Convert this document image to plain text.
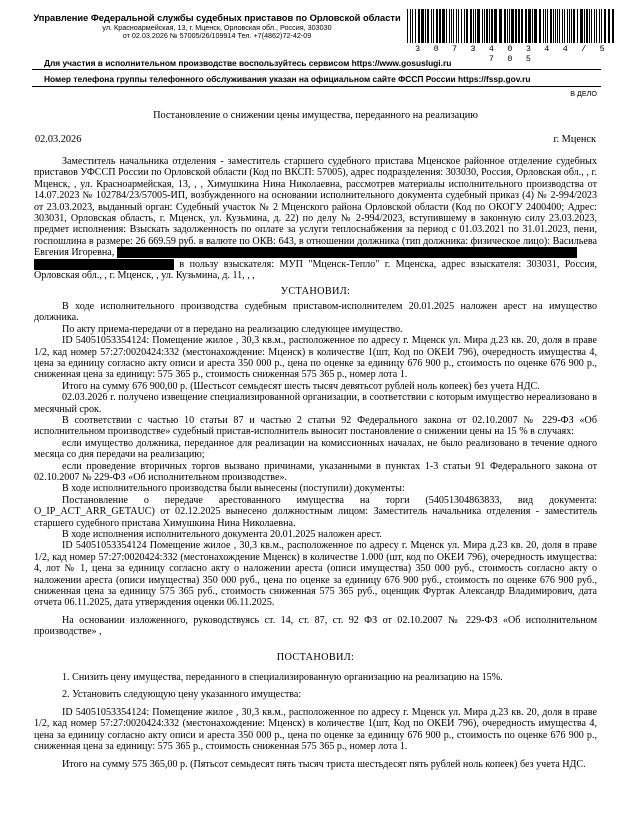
Управление Федеральной службы судебных приставов по Орловской области
ул. Красноармейская, 13, г. Мценск, Орловская обл., Россия, 303030
от 02.03.2026 № 57005/26/109914 Тел. +7(4862)72-42-09
3 0 7 3 4 0 3 4 4 / 5 7 0 5
Для участия в исполнительном производстве воспользуйтесь сервисом https://www.gosuslugi.ru
Номер телефона группы телефонного обслуживания указан на официальном сайте ФССП России https://fssp.gov.ru
В ДЕЛО
Постановление о снижении цены имущества, переданного на реализацию
02.03.2026	г. Мценск

Заместитель начальника отделения - заместитель старшего судебного пристава Мценское районное отделение судебных приставов УФССП России по Орловской области (Код по ВКСП: 57005), адрес подразделения: 303030, Россия, Орловская обл., , г. Мценск, , ул. Красноармейская, 13, , , Химушкина Нина Николаевна, рассмотрев материалы исполнительного производства от 14.07.2023 № 102784/23/57005-ИП, возбужденного на основании исполнительного документа судебный приказ (4) № 2-994/2023 от 23.03.2023, выданный орган: Судебный участок № 2 Мценского района Орловской области (Код по ОКОГУ 2400400; Адрес: 303031, Орловская область, г. Мценск, ул. Кузьмина, д. 22) по делу № 2-994/2023, вступившему в законную силу 23.03.2023, предмет исполнения: Взыскать задолженность по оплате за услуги теплоснабжения за период с 01.03.2021 по 31.01.2023, пени, госпошлина в размере: 26 669.59 руб. в валюте по ОКВ: 643, в отношении должника (тип должника: физическое лицо): Васильева Евгения Игоревна,
в пользу взыскателя: МУП "Мценск-Тепло" г. Мценска, адрес взыскателя: 303031, Россия, Орловская обл., , г. Мценск, , ул. Кузьмина, д. 11, , ,

УСТАНОВИЛ:

В ходе исполнительного производства судебным приставом-исполнителем 20.01.2025 наложен арест на имущество должника.

По акту приема-передачи от в передано на реализацию следующее имущество.

ID 54051053354124: Помещение жилое , 30,3 кв.м., расположенное по адресу г. Мценск ул. Мира д.23 кв. 20, доля в праве 1/2, кад номер 57:27:0020424:332 (местонахождение: Мценск) в количестве 1(шт, Код по ОКЕИ 796), очередность имущества 4, цена за единицу согласно акту описи и ареста 350 000 р., цена по оценке за единицу 676 900 р., стоимость по оценке 676 900 р., сниженная цена за единицу: 575 365 р., стоимость сниженная 575 365 р., номер лота 1.

Итого на сумму 676 900,00 р. (Шестьсот семьдесят шесть тысяч девятьсот рублей ноль копеек) без учета НДС.

02.03.2026 г. получено извещение специализированной организации, в соответствии с которым имущество нереализовано в месячный срок.

В соответствии с частью 10 статьи 87 и частью 2 статьи 92 Федерального закона от 02.10.2007 № 229-ФЗ «Об исполнительном производстве» судебный пристав-исполнитель выносит постановление о снижении цены на 15 % в случаях:

если имущество должника, переданное для реализации на комиссионных началах, не было реализовано в течение одного месяца со дня передачи на реализацию;

если проведение вторичных торгов вызвано причинами, указанными в пунктах 1-3 статьи 91 Федерального закона от 02.10.2007 № 229-ФЗ «Об исполнительном производстве».

В ходе исполнительного производства были вынесены (поступили) документы:

Постановление о передаче арестованного имущества на торги (54051304863833, вид документа: O_IP_ACT_ARR_GETAUC) от 02.12.2025 вынесено должностным лицом: Заместитель начальника отделения - заместитель старшего судебного пристава Химушкина Нина Николаевна.

В ходе исполнения исполнительного документа 20.01.2025 наложен арест.

ID 54051053354124 Помещение жилое , 30,3 кв.м., расположенное по адресу г. Мценск ул. Мира д.23 кв. 20, доля в праве 1/2, кад номер 57:27:0020424:332 (местонахождение Мценск) в количестве 1.000 (шт, код по ОКЕИ 796), очередность имущества: 4, лот № 1, цена за единицу согласно акту о наложении ареста (описи имущества) 350 000 руб., стоимость согласно акту о наложении ареста (описи имущества) 350 000 руб., цена по оценке за единицу 676 900 руб., стоимость по оценке 676 900 руб., сниженная цена за единицу 575 365 руб., стоимость сниженная 575 365 руб., оценщик Фуртак Александр Владимирович, дата отчета 06.11.2025, дата утверждения оценки 06.11.2025.

На основании изложенного, руководствуясь ст. 14, ст. 87, ст. 92 ФЗ от 02.10.2007 № 229-ФЗ «Об исполнительном производстве» ,

ПОСТАНОВИЛ:

1. Снизить цену имущества, переданного в специализированную организацию на реализацию на 15%.

2. Установить следующую цену указанного имущества:

ID 54051053354124: Помещение жилое , 30,3 кв.м., расположенное по адресу г. Мценск ул. Мира д.23 кв. 20, доля в праве 1/2, кад номер 57:27:0020424:332 (местонахождение: Мценск) в количестве 1(шт, Код по ОКЕИ 796), очередность имущества 4, цена за единицу согласно акту описи и ареста 350 000 р., цена по оценке за единицу 676 900 р., стоимость по оценке 676 900 р., сниженная цена за единицу: 575 365 р., стоимость сниженная 575 365 р., номер лота 1.

Итого на сумму 575 365,00 р. (Пятьсот семьдесят пять тысяч триста шестьдесят пять рублей ноль копеек) без учета НДС.
